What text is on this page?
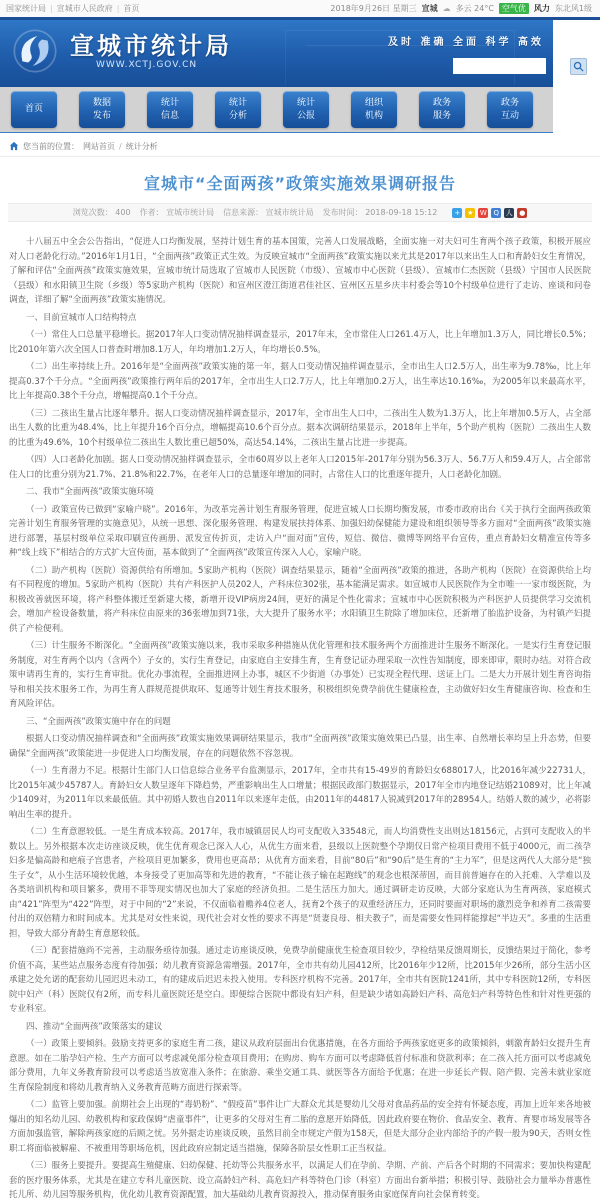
国家统计局 | 宣城市人民政府 | 首页	2018年9月26日 星期三 宣城 ☁ 多云 24°C	空气优	风力 东北风1级
宣城市统计局
WWW.XCTJ.GOV.CN
及时 准确 全面 科学 高效
首页
数据
发布
统计
信息
统计
分析
统计
公报
组织
机构
政务
服务
政务
互动
您当前的位置： 网站首页 / 统计分析
宣城市“全面两孩”政策实施效果调研报告
浏览次数： 400 作者： 宣城市统计局 信息来源： 宣城市统计局 发布时间： 2018-09-18 15:12 + ★ W Q 人 ●

十八届五中全会公告指出，“促进人口均衡发展，坚持计划生育的基本国策，完善人口发展战略，全面实施一对夫妇可生育两个孩子政策，积极开展应对人口老龄化行动。”2016年1月1日，“全面两孩”政策正式生效。为反映宣城市“全面两孩”政策实施以来尤其是2017年以来出生人口和育龄妇女生育情况，了解和评估“全面两孩”政策实施效果，宣城市统计局选取了宣城市人民医院（市级）、宣城市中心医院（县级）、宣城市仁杰医院（县级）宁国市人民医院（县级）和水阳镇卫生院（乡级）等5家助产机构（医院）和宣州区澄江街道君佳社区、宣州区五星乡庆丰村委会等10个村级单位进行了走访、座谈和问卷调查，详细了解“全面两孩”政策实施情况。

一、目前宣城市人口结构特点

（一）常住人口总量平稳增长。据2017年人口变动情况抽样调查显示，2017年末，全市常住人口261.4万人，比上年增加1.3万人，同比增长0.5%；比2010年第六次全国人口普查时增加8.1万人，年均增加1.2万人，年均增长0.5%。

（二）出生率持续上升。2016年是“全面两孩”政策实施的第一年，据人口变动情况抽样调查显示，全市出生人口2.5万人，出生率为9.78‰，比上年提高0.37个千分点。“全面两孩”政策推行两年后的2017年，全市出生人口2.7万人，比上年增加0.2万人，出生率达10.16‰，为2005年以来最高水平，比上年提高0.38个千分点，增幅提高0.1个千分点。

（三）二孩出生量占比逐年攀升。据人口变动情况抽样调查显示，2017年，全市出生人口中，二孩出生人数为1.3万人，比上年增加0.5万人，占全部出生人数的比重为48.4%，比上年提升16个百分点，增幅提高10.6个百分点。据本次调研结果显示，2018年上半年，5个助产机构（医院）二孩出生人数的比重为49.6%，10个村级单位二孩出生人数比重已超50%，高达54.14%，二孩出生量占比进一步提高。

（四）人口老龄化加剧。据人口变动情况抽样调查显示，全市60周岁以上老年人口2015年-2017年分别为56.3万人、56.7万人和59.4万人，占全部常住人口的比重分别为21.7%、21.8%和22.7%，在老年人口的总量逐年增加的同时，占常住人口的比重逐年提升，人口老龄化加剧。

二、我市“全面两孩”政策实施环境

（一）政策宣传已做到“家喻户晓”。2016年，为改革完善计划生育服务管理，促进宣城人口长期均衡发展，市委市政府出台《关于执行全面两孩政策完善计划生育服务管理的实施意见》，从统一思想、深化服务管理、构建发展扶持体系、加强妇幼保健能力建设和组织领导等多方面对“全面两孩”政策实施进行部署，基层村级单位采取印刷宣传画册、派发宣传折页，走访入户“面对面”宣传，短信、微信、微博等网络平台宣传，重点育龄妇女精准宣传等多种“线上线下”相结合的方式扩大宣传面，基本做到了“全面两孩”政策宣传深入人心，家喻户晓。

（二）助产机构（医院）资源供给有所增加。5家助产机构（医院）调查结果显示，随着“全面两孩”政策的推进，各助产机构（医院）在资源供给上均有不同程度的增加。5家助产机构（医院）共有产科医护人员202人，产科床位302张，基本能满足需求。如宣城市人民医院作为全市唯一一家市级医院，为积极改善就医环境，将产科整体搬迁至新建大楼，新增开设VIP病房24间，更好的满足个性化需求；宣城市中心医院积极为产科医护人员提供学习交流机会，增加产检设备数量，将产科床位由原来的36张增加到71张，大大提升了服务水平；水阳镇卫生院除了增加床位，还新增了胎监护设备，为村镇产妇提供了产检便利。

（三）计生服务不断深化。“全面两孩”政策实施以来，我市采取多种措施从优化管理和技术服务两个方面推进计生服务不断深化。一是实行生育登记服务制度，对生育两个以内（含两个）子女的，实行生育登记，由家庭自主安排生育，生育登记证办理采取一次性告知制度，即来即审，限时办结。对符合政策申请再生育的，实行生育审批。优化办事流程，全面推进网上办事，城区不少街道（办事处）已实现全程代理、送证上门。二是大力开展计划生育咨询指导和相关技术服务工作，为再生育人群规范提供取环、复通等计划生育技术服务，积极组织免费孕前优生健康检查，主动做好妇女生育健康咨询、检查和生育风险评估。

三、“全面两孩”政策实施中存在的问题

根据人口变动情况抽样调查和“全面两孩”政策实施效果调研结果显示，我市“全面两孩”政策实施效果已凸显，出生率、自然增长率均呈上升态势，但要确保“全面两孩”政策能进一步促进人口均衡发展，存在的问题依然不容忽视。

（一）生育潜力不足。根据计生部门人口信息综合业务平台监测显示，2017年，全市共有15-49岁的育龄妇女688017人，比2016年减少22731人，比2015年减少45787人。育龄妇女人数呈逐年下降趋势，严重影响出生人口增量；根据民政部门数据显示，2017年全市内地登记结婚21089对，比上年减少1409对，为2011年以来最低值。其中初婚人数也自2011年以来逐年走低，由2011年的44817人锐减到2017年的28954人。结婚人数的减少，必将影响出生率的提升。

（二）生育意愿较低。一是生育成本较高。2017年，我市城镇居民人均可支配收入33548元，而人均消费性支出则达18156元，占到可支配收入的半数以上。另外根据本次走访座谈反映，优生优育观念已深入人心，从优生方面来看，县级以上医院整个孕期仅日常产检项目费用不低于4000元，而二孩孕妇多是偏高龄和疤痕子宫患者，产检项目更加繁多，费用也更高昂；从优育方面来看，目前“80后”和“90后”是生育的“主力军”，但是这两代人大部分是“独生子女”，从小生活环境较优越，本身接受了更加高等和先进的教育，“不能让孩子输在起跑线”的观念也根深蒂固，而目前普遍存在的入托难、入学难以及各类培训机构和项目繁多，费用不菲等现实情况也加大了家庭的经济负担。二是生活压力加大。通过调研走访反映，大部分家庭认为生育两孩，家庭模式由“421”阵型为“422”阵型，对于中间的“2”来说，不仅面临着赡养4位老人，抚育2个孩子的双重经济压力，还同时要面对职场的激烈竞争和养育二孩需要付出的双倍精力和时间成本。尤其是对女性来说，现代社会对女性的要求不再是“贤妻良母、相夫教子”，而是需要女性同样能撑起“半边天”。多重的生活重担，导致大部分育龄生育意愿较低。

（三）配套措施尚不完善，主动服务亟待加强。通过走访座谈反映，免费孕前健康优生检查项目较少，孕检结果反馈周期长，反馈结果过于简化，参考价值不高，某些站点服务态度有待加强；幼儿教育资源急需增强。2017年，全市共有幼儿园412所，比2016年少12所，比2015年少26所，部分生活小区承建之处允诺的配套幼儿园迟迟未动工，有的建成后迟迟未投入使用。专科医疗机构不完善。2017年，全市共有医院1241所，其中专科医院12所，专科医院中妇产（科）医院仅有2所，而专科儿童医院还是空白。即便综合医院中都设有妇产科，但是缺少诸如高龄妇产科、高危妇产科等特色性和针对性更强的专业科室。

四、推动“全面两孩”政策落实的建议

（一）政策上要倾斜。鼓励支持更多的家庭生育二孩，建议从政府层面出台优惠措施，在各方面给予两孩家庭更多的政策倾斜，刺激育龄妇女提升生育意愿。如在二胎孕妇产检、生产方面可以考虑减免部分检查项目费用；在购房、购车方面可以考虑降低首付标准和贷款利率；在二孩入托方面可以考虑减免部分费用，九年义务教育阶段可以考虑适当放宽准入条件；在旅游、乘坐交通工具、就医等各方面给予优惠；在进一步延长产假、陪产假、完善未就业家庭生育保险制度和将幼儿教育纳入义务教育范畴方面进行探索等。

（二）监管上要加强。前期社会上出现的“毒奶粉”、“假疫苗”事件让广大群众尤其是婴幼儿父母对食品药品的安全持有怀疑态度，再加上近年来各地被爆出的知名幼儿园、幼教机构和家政保姆“虐童事件”，让更多的父母对生育二胎的意愿开始降低，因此政府要在物价、食品安全、教育、育婴市场发展等各方面加强监管，解除两孩家庭的后顾之忧。另外据走访座谈反映，虽然目前全市规定产假为158天，但是大部分企业内部给予的产假一般为90天，否则女性职工将面临被解雇、不被重用等职场危机，因此政府应制定适当措施，保障各阶层女性职工正当权益。

（三）服务上要提升。要提高生殖健康、妇幼保健、托幼等公共服务水平，以满足人们在孕前、孕期、产前、产后各个时期的不同需求；要加快构建配套的医疗服务体系，尤其是在建立专科儿童医院、设立高龄妇产科、高危妇产科等特色门诊（科室）方面出台新举措；积极引导、鼓励社会力量举办普惠性托儿所、幼儿园等服务机构，优化幼儿教育资源配置，加大基础幼儿教育资源投入，推动保育服务由家庭保育向社会保育转变。
